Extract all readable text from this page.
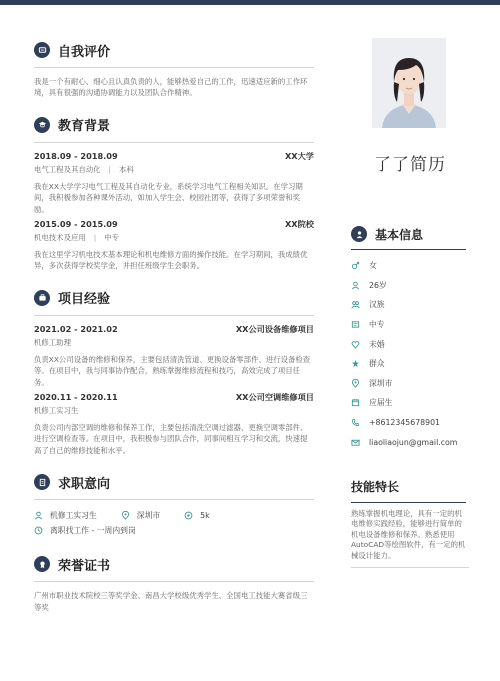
自我评价
我是一个有耐心、细心且认真负责的人，能够热爱自己的工作，迅速适应新的工作环境，具有很强的沟通协调能力以及团队合作精神。
教育背景
2018.09 - 2018.09	XX大学
电气工程及其自动化 | 本科
我在XX大学学习电气工程及其自动化专业，系统学习电气工程相关知识。在学习期间，我积极参加各种课外活动，如加入学生会、校园社团等，获得了多项荣誉和奖励。
2015.09 - 2015.09	XX院校
机电技术及应用 | 中专
我在这里学习机电技术基本理论和机电维修方面的操作技能。在学习期间，我成绩优异，多次获得学校奖学金，并担任班级学生会职务。
项目经验
2021.02 - 2021.02	XX公司设备维修项目
机修工助理
负责XX公司设备的维修和保养，主要包括清洗管道、更换设备零部件、进行设备检查等。在项目中，我与同事协作配合，熟练掌握维修流程和技巧，高效完成了项目任务。
2020.11 - 2020.11	XX公司空调维修项目
机修工实习生
负责公司内部空调的维修和保养工作，主要包括清洗空调过滤器、更换空调零部件、进行空调检查等。在项目中，我积极参与团队合作，同事间相互学习和交流，快速提高了自己的维修技能和水平。
求职意向
机修工实习生	深圳市	5k
离职找工作 - 一周内到岗
荣誉证书
广州市职业技术院校三等奖学金、南昌大学校级优秀学生、全国电工技能大赛省级三等奖
了了简历
基本信息
女
26岁
汉族
中专
未婚
群众
深圳市
应届生
+8612345678901
liaoliaojun@gmail.com
技能特长
熟练掌握机电理论，具有一定的机电维修实践经验，能够进行简单的机电设备维修和保养。熟悉使用AutoCAD等绘图软件，有一定的机械设计能力。
